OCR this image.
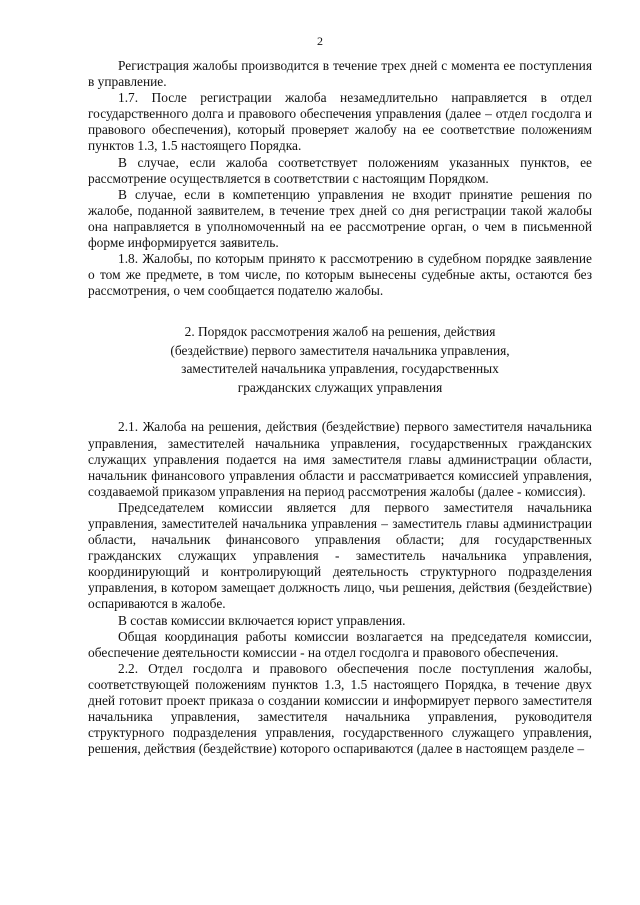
2

Регистрация жалобы производится в течение трех дней с момента ее поступления в управление.

1.7. После регистрации жалоба незамедлительно направляется в отдел государственного долга и правового обеспечения управления (далее – отдел госдолга и правового обеспечения), который проверяет жалобу на ее соответствие положениям пунктов 1.3, 1.5 настоящего Порядка.

В случае, если жалоба соответствует положениям указанных пунктов, ее рассмотрение осуществляется в соответствии с настоящим Порядком.

В случае, если в компетенцию управления не входит принятие решения по жалобе, поданной заявителем, в течение трех дней со дня регистрации такой жалобы она направляется в уполномоченный на ее рассмотрение орган, о чем в письменной форме информируется заявитель.

1.8. Жалобы, по которым принято к рассмотрению в судебном порядке заявление о том же предмете, в том числе, по которым вынесены судебные акты, остаются без рассмотрения, о чем сообщается подателю жалобы.

2. Порядок рассмотрения жалоб на решения, действия
(бездействие) первого заместителя начальника управления,
заместителей начальника управления, государственных
гражданских служащих управления

2.1. Жалоба на решения, действия (бездействие) первого заместителя начальника управления, заместителей начальника управления, государственных гражданских служащих управления подается на имя заместителя главы администрации области, начальник финансового управления области и рассматривается комиссией управления, создаваемой приказом управления на период рассмотрения жалобы (далее - комиссия).

Председателем комиссии является для первого заместителя начальника управления, заместителей начальника управления – заместитель главы администрации области, начальник финансового управления области; для государственных гражданских служащих управления - заместитель начальника управления, координирующий и контролирующий деятельность структурного подразделения управления, в котором замещает должность лицо, чьи решения, действия (бездействие) оспариваются в жалобе.

В состав комиссии включается юрист управления.

Общая координация работы комиссии возлагается на председателя комиссии, обеспечение деятельности комиссии - на отдел госдолга и правового обеспечения.

2.2. Отдел госдолга и правового обеспечения после поступления жалобы, соответствующей положениям пунктов 1.3, 1.5 настоящего Порядка, в течение двух дней готовит проект приказа о создании комиссии и информирует первого заместителя начальника управления, заместителя начальника управления, руководителя структурного подразделения управления, государственного служащего управления, решения, действия (бездействие) которого оспариваются (далее в настоящем разделе –
